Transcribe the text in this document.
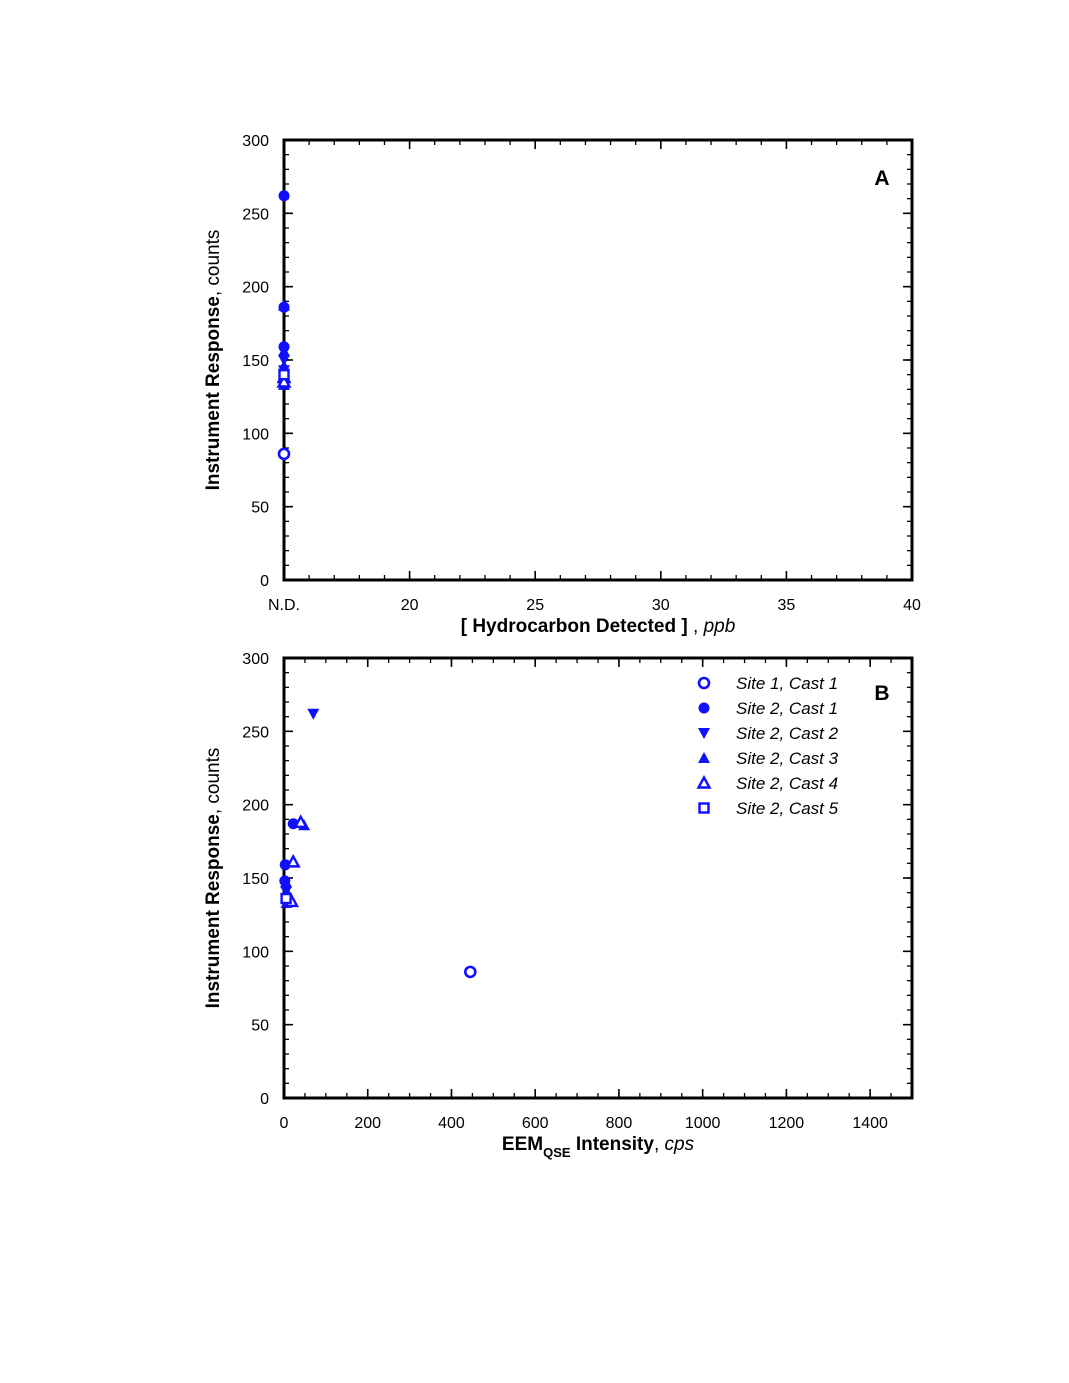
N.D.	20	25	30	35	40
0
50
100
150
200
250
300
A
Instrument Response, counts
[ Hydrocarbon Detected ] , ppb
0	200	400	600	800	1000	1200	1400
0
50
100
150
200
250
300
B
Instrument Response, counts
$EEM_{QSE}$ Intensity, cps
Site 1, Cast 1
Site 2, Cast 1
Site 2, Cast 2
Site 2, Cast 3
Site 2, Cast 4
Site 2, Cast 5
